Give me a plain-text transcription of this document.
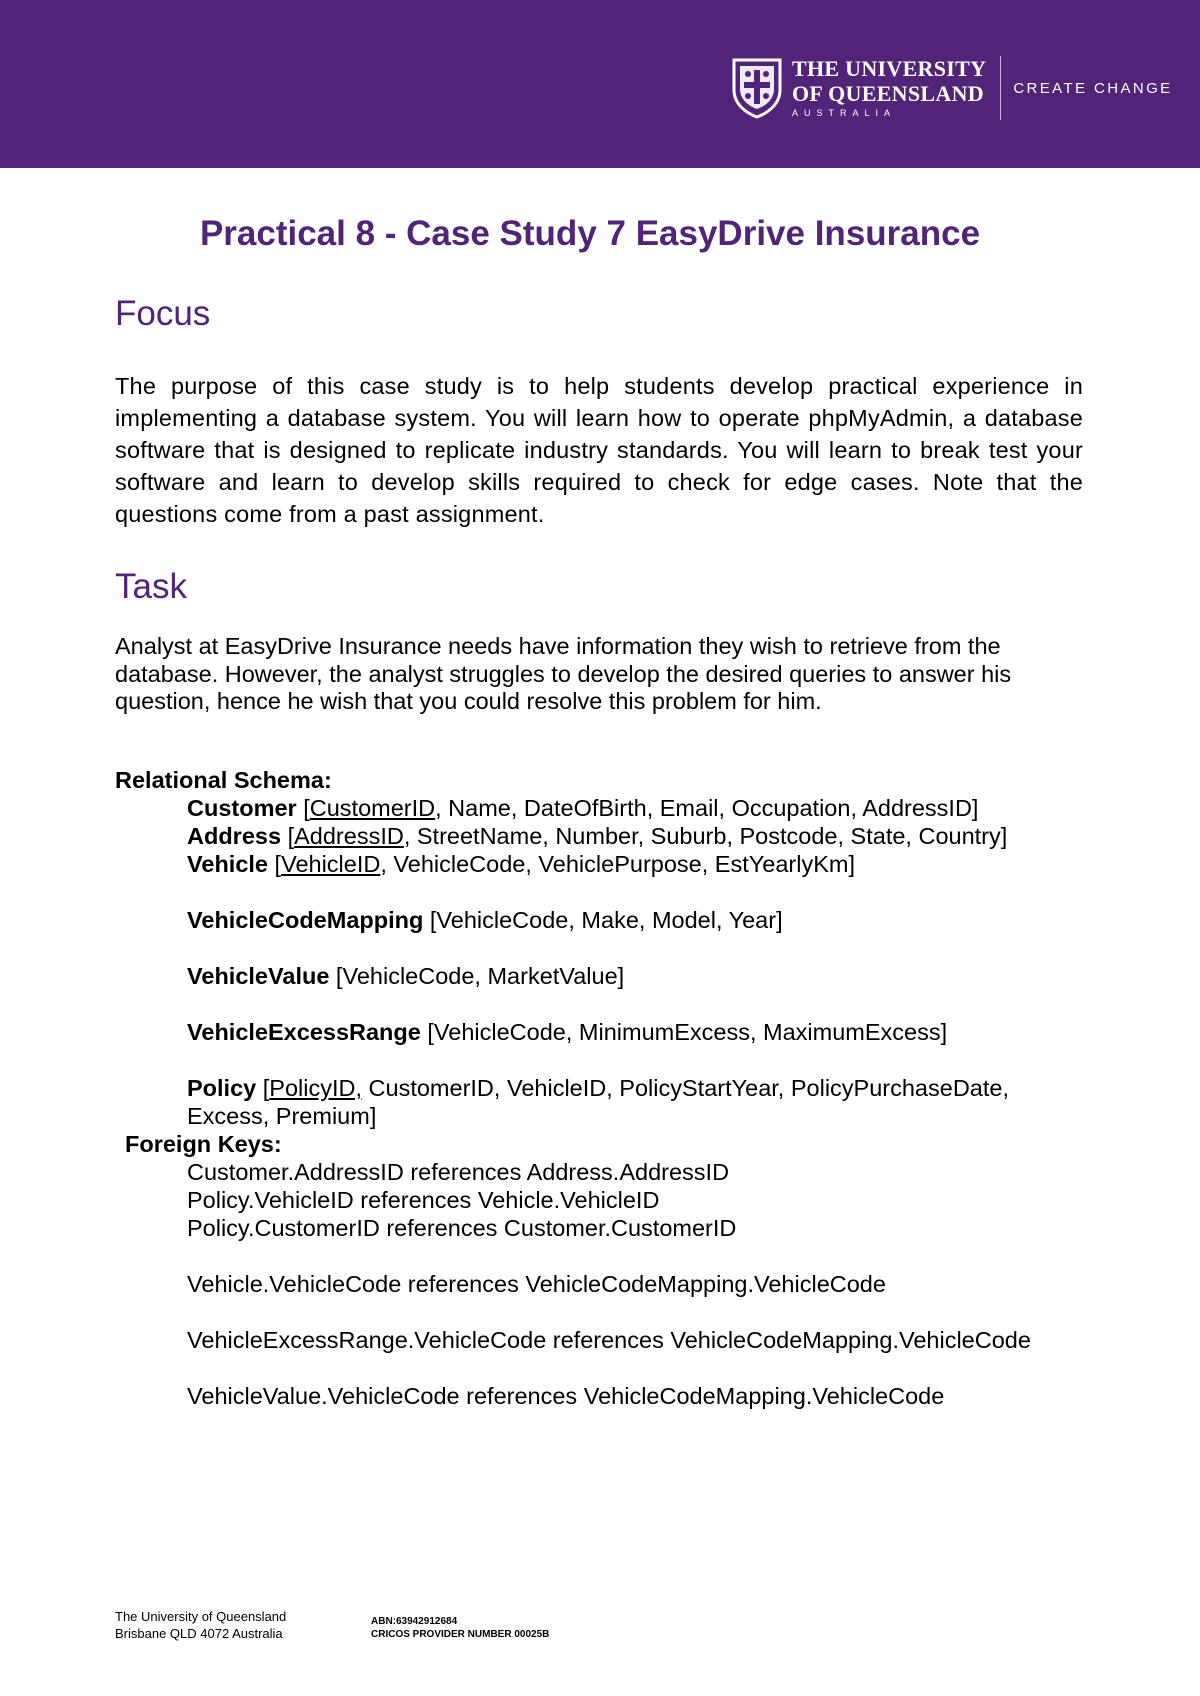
THE UNIVERSITY
OF QUEENSLAND
AUSTRALIA
CREATE CHANGE
Practical 8 - Case Study 7 EasyDrive Insurance
Focus

The purpose of this case study is to help students develop practical experience in implementing a database system. You will learn how to operate phpMyAdmin, a database software that is designed to replicate industry standards. You will learn to break test your software and learn to develop skills required to check for edge cases. Note that the questions come from a past assignment.

Task

Analyst at EasyDrive Insurance needs have information they wish to retrieve from the database. However, the analyst struggles to develop the desired queries to answer his question, hence he wish that you could resolve this problem for him.

Relational Schema:
Customer [CustomerID, Name, DateOfBirth, Email, Occupation, AddressID]
Address [AddressID, StreetName, Number, Suburb, Postcode, State, Country]
Vehicle [VehicleID, VehicleCode, VehiclePurpose, EstYearlyKm]
VehicleCodeMapping [VehicleCode, Make, Model, Year]
VehicleValue [VehicleCode, MarketValue]
VehicleExcessRange [VehicleCode, MinimumExcess, MaximumExcess]
Policy [PolicyID, CustomerID, VehicleID, PolicyStartYear, PolicyPurchaseDate,
Excess, Premium]
Foreign Keys:
Customer.AddressID references Address.AddressID
Policy.VehicleID references Vehicle.VehicleID
Policy.CustomerID references Customer.CustomerID
Vehicle.VehicleCode references VehicleCodeMapping.VehicleCode
VehicleExcessRange.VehicleCode references VehicleCodeMapping.VehicleCode
VehicleValue.VehicleCode references VehicleCodeMapping.VehicleCode
The University of Queensland
Brisbane QLD 4072 Australia
ABN:63942912684
CRICOS PROVIDER NUMBER 00025B
